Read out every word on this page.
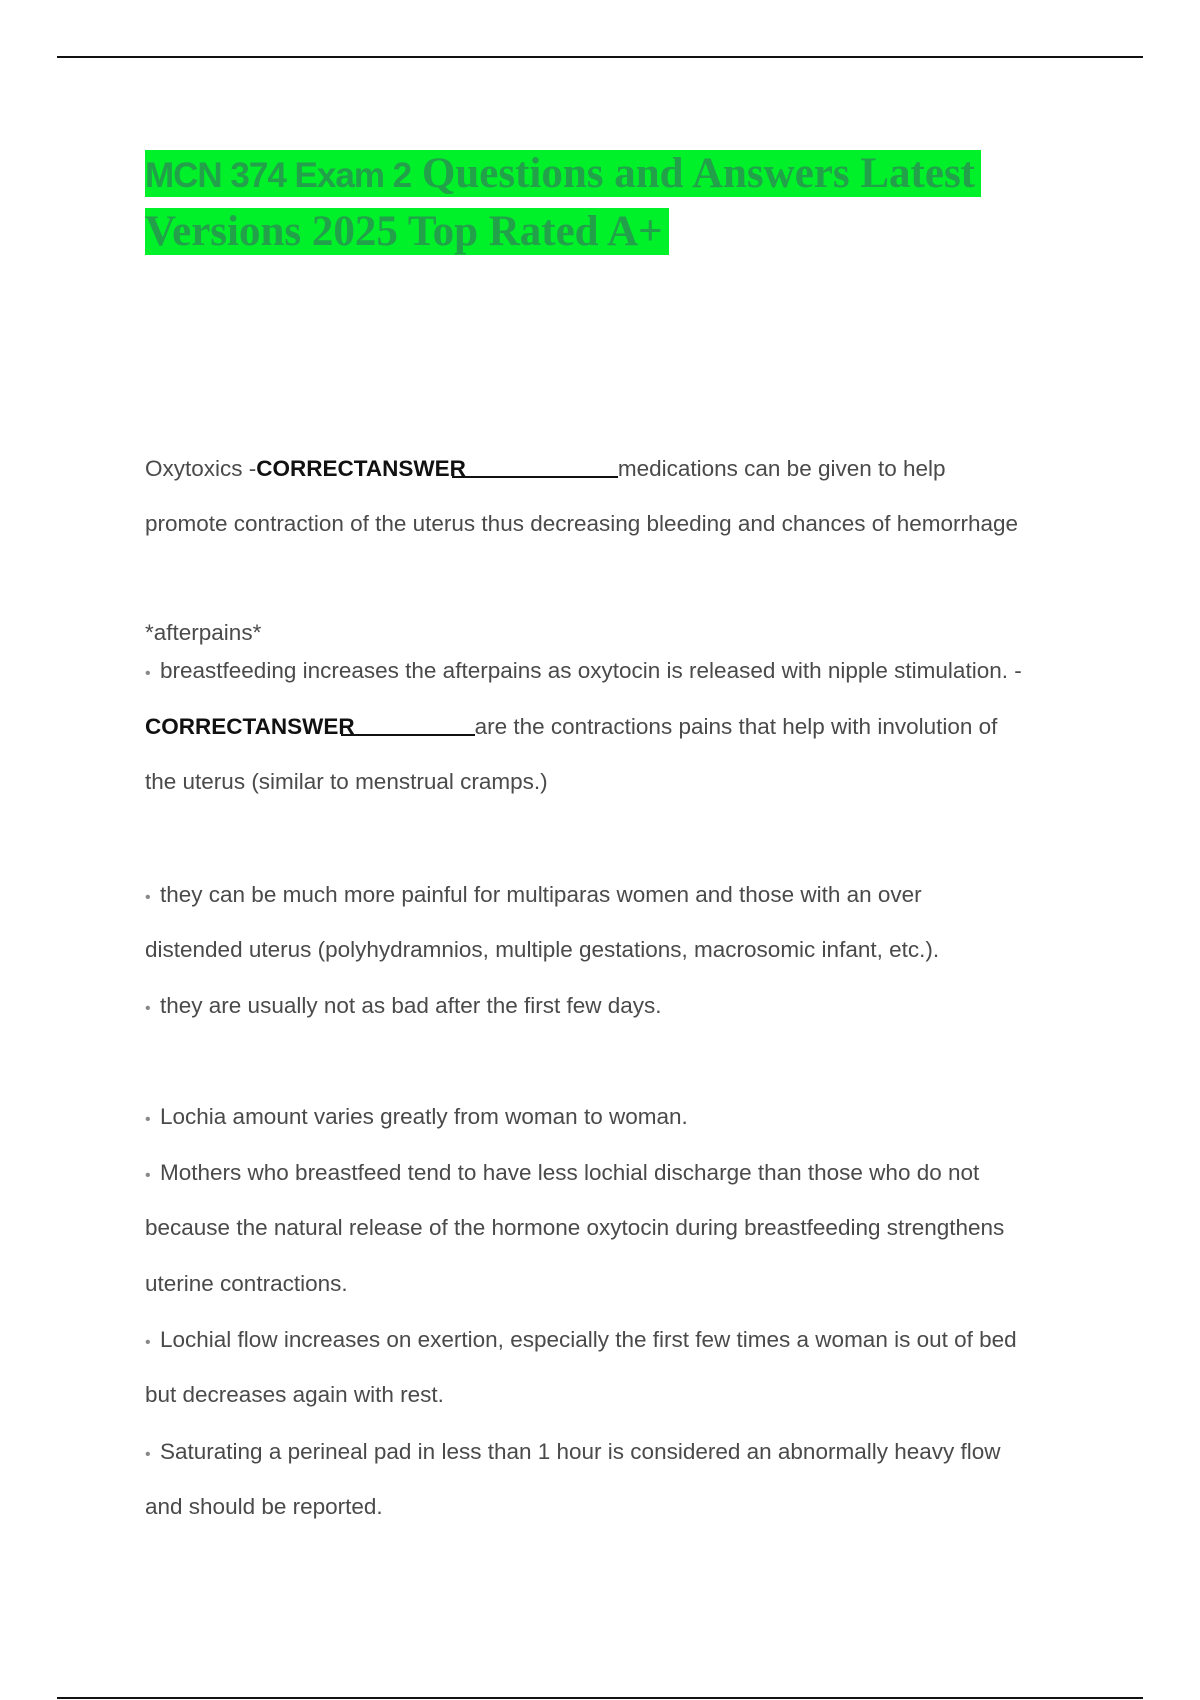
MCN 374 Exam 2 Questions and Answers Latest
Versions 2025 Top Rated A+
Oxytoxics -CORRECTANSWER	medications can be given to help
promote contraction of the uterus thus decreasing bleeding and chances of hemorrhage
*afterpains*
• breastfeeding increases the afterpains as oxytocin is released with nipple stimulation. -
CORRECTANSWER	are the contractions pains that help with involution of
the uterus (similar to menstrual cramps.)
• they can be much more painful for multiparas women and those with an over
distended uterus (polyhydramnios, multiple gestations, macrosomic infant, etc.).
• they are usually not as bad after the first few days.
• Lochia amount varies greatly from woman to woman.
• Mothers who breastfeed tend to have less lochial discharge than those who do not
because the natural release of the hormone oxytocin during breastfeeding strengthens
uterine contractions.
• Lochial flow increases on exertion, especially the first few times a woman is out of bed
but decreases again with rest.
• Saturating a perineal pad in less than 1 hour is considered an abnormally heavy flow
and should be reported.
